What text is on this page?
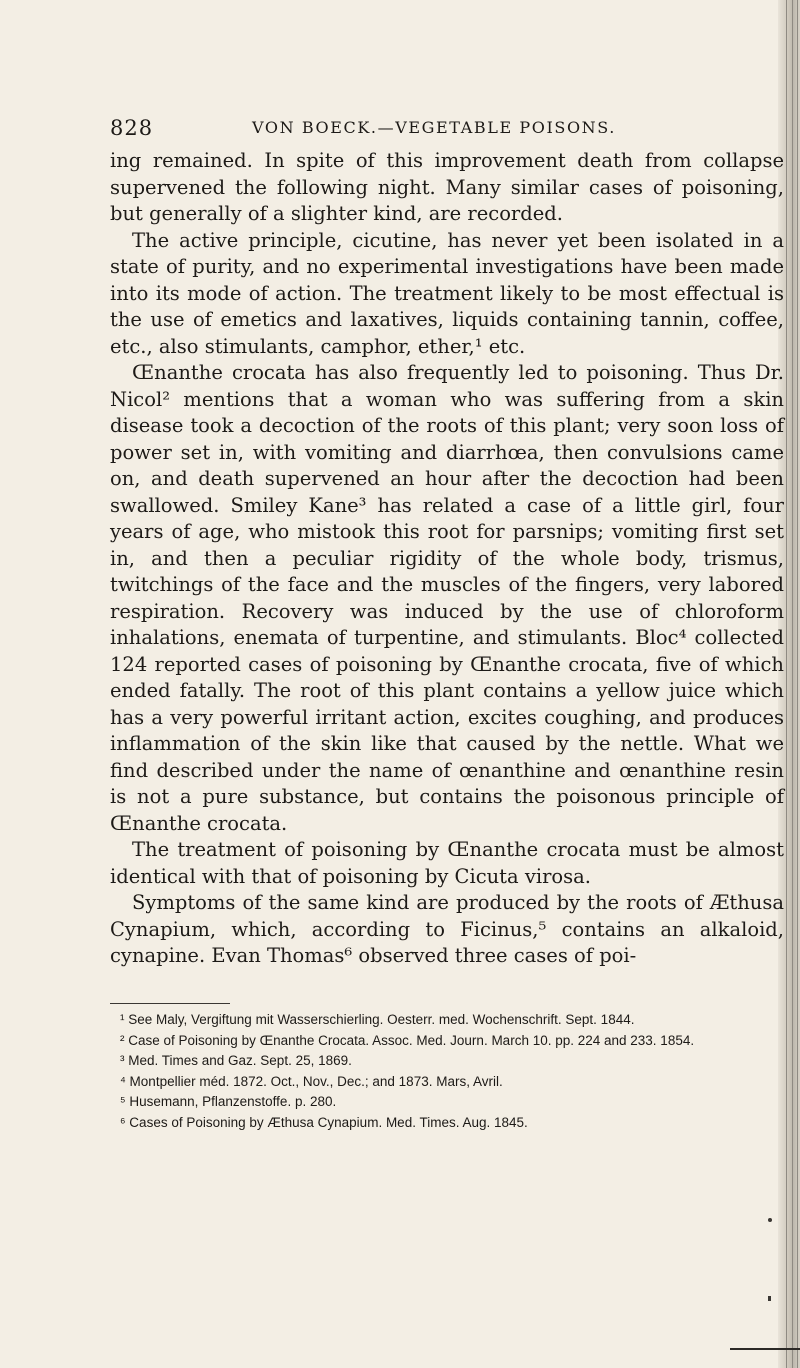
828	VON BOECK.—VEGETABLE POISONS.

ing remained. In spite of this improvement death from collapse supervened the following night. Many similar cases of poisoning, but generally of a slighter kind, are recorded.

The active principle, cicutine, has never yet been isolated in a state of purity, and no experimental investigations have been made into its mode of action. The treatment likely to be most effectual is the use of emetics and laxatives, liquids containing tannin, coffee, etc., also stimulants, camphor, ether,¹ etc.

Œnanthe crocata has also frequently led to poisoning. Thus Dr. Nicol² mentions that a woman who was suffering from a skin disease took a decoction of the roots of this plant; very soon loss of power set in, with vomiting and diarrhœa, then convulsions came on, and death supervened an hour after the decoction had been swallowed. Smiley Kane³ has related a case of a little girl, four years of age, who mistook this root for parsnips; vomiting first set in, and then a peculiar rigidity of the whole body, trismus, twitchings of the face and the muscles of the fingers, very labored respiration. Recovery was induced by the use of chloroform inhalations, enemata of turpentine, and stimulants. Bloc⁴ collected 124 reported cases of poisoning by Œnanthe crocata, five of which ended fatally. The root of this plant contains a yellow juice which has a very powerful irritant action, excites coughing, and produces inflammation of the skin like that caused by the nettle. What we find described under the name of œnanthine and œnanthine resin is not a pure substance, but contains the poisonous principle of Œnanthe crocata.

The treatment of poisoning by Œnanthe crocata must be almost identical with that of poisoning by Cicuta virosa.

Symptoms of the same kind are produced by the roots of Æthusa Cynapium, which, according to Ficinus,⁵ contains an alkaloid, cynapine. Evan Thomas⁶ observed three cases of poi-

¹ See Maly, Vergiftung mit Wasserschierling. Oesterr. med. Wochenschrift. Sept. 1844.

² Case of Poisoning by Œnanthe Crocata. Assoc. Med. Journ. March 10. pp. 224 and 233. 1854.

³ Med. Times and Gaz. Sept. 25, 1869.

⁴ Montpellier méd. 1872. Oct., Nov., Dec.; and 1873. Mars, Avril.

⁵ Husemann, Pflanzenstoffe. p. 280.

⁶ Cases of Poisoning by Æthusa Cynapium. Med. Times. Aug. 1845.
